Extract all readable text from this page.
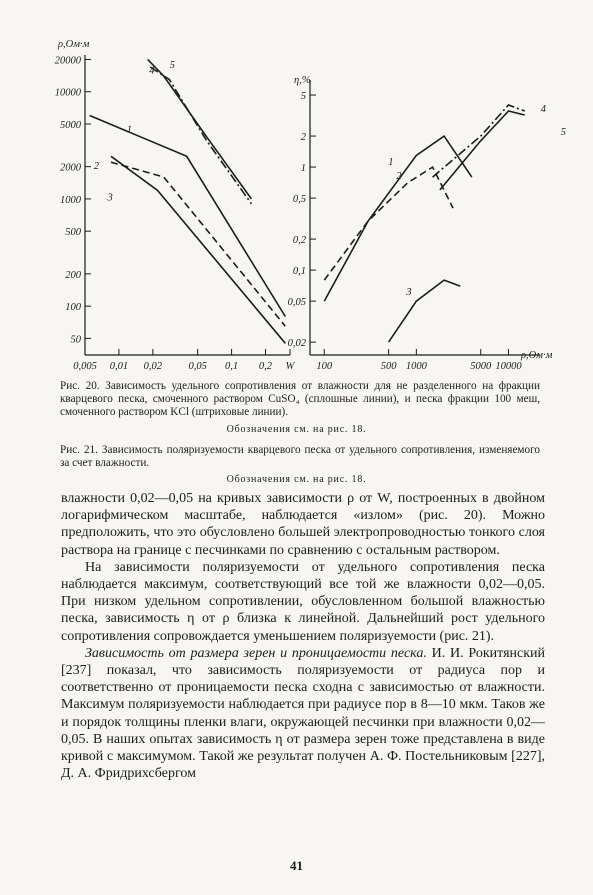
ρ,Ом·м
20000
10000
5000
2000
1000
500
200
100
50
0,005 0,01 0,02	0,05 0,1 0,2 W
1
2
3
4 5
η,%
ρ,Ом·м
5
2
1
0,5
0,2
0,1
0,05
0,02
100	500 1000	5000 10000
1
2
3
4
5
Рис. 20. Зависимость удельного сопротивления от влажности для не разделенного на фракции кварцевого песка, смоченного раствором CuSO₄ (сплошные линии), и песка фракции 100 меш, смоченного раствором KCl (штриховые линии).
Обозначения см. на рис. 18.
Рис. 21. Зависимость поляризуемости кварцевого песка от удельного сопротивления, изменяемого за счет влажности.
Обозначения см. на рис. 18.

влажности 0,02—0,05 на кривых зависимости ρ от W, построенных в двойном логарифмическом масштабе, наблюдается «излом» (рис. 20). Можно предположить, что это обусловлено большей электропроводностью тонкого слоя раствора на границе с песчинками по сравнению с остальным раствором.

На зависимости поляризуемости от удельного сопротивления песка наблюдается максимум, соответствующий все той же влажности 0,02—0,05. При низком удельном сопротивлении, обусловленном большой влажностью песка, зависимость η от ρ близка к линейной. Дальнейший рост удельного сопротивления сопровождается уменьшением поляризуемости (рис. 21).

Зависимость от размера зерен и проницаемости песка. И. И. Рокитянский [237] показал, что зависимость поляризуемости от радиуса пор и соответственно от проницаемости песка сходна с зависимостью от влажности. Максимум поляризуемости наблюдается при радиусе пор в 8—10 мкм. Таков же и порядок толщины пленки влаги, окружающей песчинки при влажности 0,02—0,05. В наших опытах зависимость η от размера зерен тоже представлена в виде кривой с максимумом. Такой же результат получен А. Ф. Постельниковым [227], Д. А. Фридрихсбергом

41
